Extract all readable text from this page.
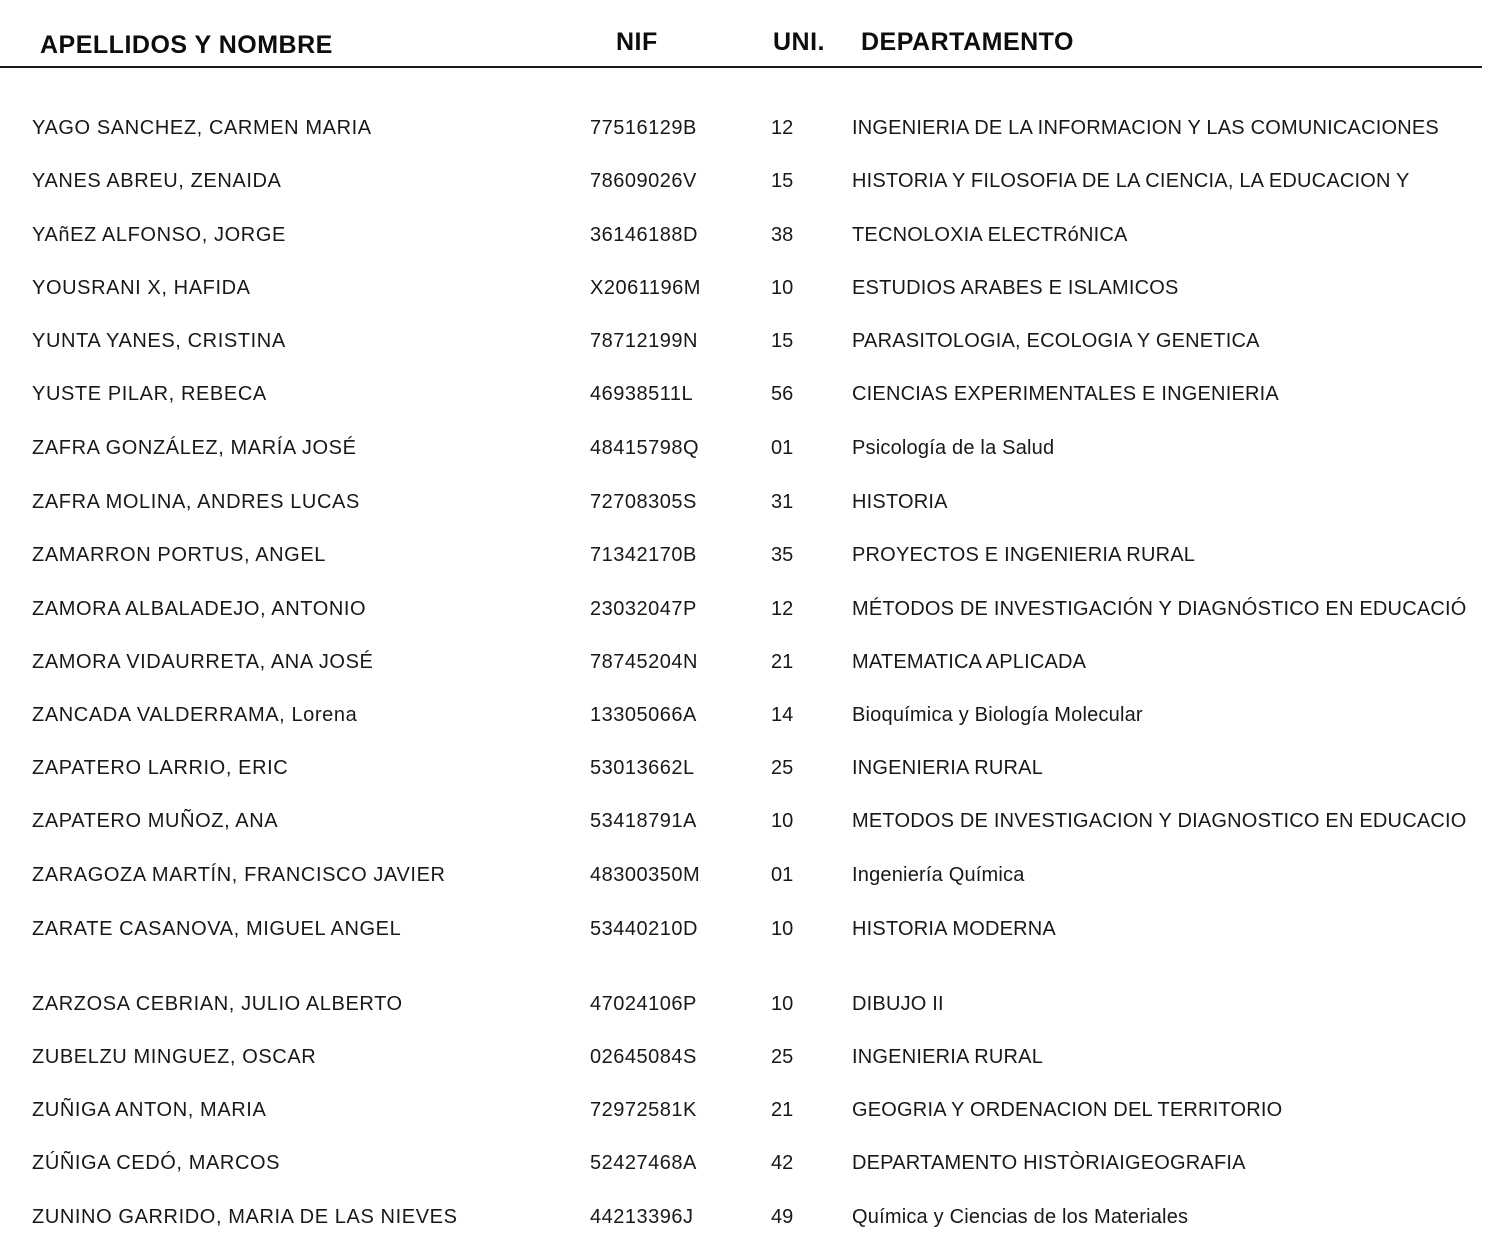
APELLIDOS Y NOMBRE	NIF	UNI. DEPARTAMENTO
YAGO SANCHEZ, CARMEN MARIA	77516129B	12	INGENIERIA DE LA INFORMACION Y LAS COMUNICACIONES
YANES ABREU, ZENAIDA	78609026V	15	HISTORIA Y FILOSOFIA DE LA CIENCIA, LA EDUCACION Y
YAñEZ ALFONSO, JORGE	36146188D	38	TECNOLOXIA ELECTRóNICA
YOUSRANI X, HAFIDA	X2061196M	10	ESTUDIOS ARABES E ISLAMICOS
YUNTA YANES, CRISTINA	78712199N	15	PARASITOLOGIA, ECOLOGIA Y GENETICA
YUSTE PILAR, REBECA	46938511L	56	CIENCIAS EXPERIMENTALES E INGENIERIA
ZAFRA GONZÁLEZ, MARÍA JOSÉ	48415798Q	01	Psicología de la Salud
ZAFRA MOLINA, ANDRES LUCAS	72708305S	31	HISTORIA
ZAMARRON PORTUS, ANGEL	71342170B	35	PROYECTOS E INGENIERIA RURAL
ZAMORA ALBALADEJO, ANTONIO	23032047P	12	MÉTODOS DE INVESTIGACIÓN Y DIAGNÓSTICO EN EDUCACIÓ
ZAMORA VIDAURRETA, ANA JOSÉ	78745204N	21	MATEMATICA APLICADA
ZANCADA VALDERRAMA, Lorena	13305066A	14	Bioquímica y Biología Molecular
ZAPATERO LARRIO, ERIC	53013662L	25	INGENIERIA RURAL
ZAPATERO MUÑOZ, ANA	53418791A	10	METODOS DE INVESTIGACION Y DIAGNOSTICO EN EDUCACIO
ZARAGOZA MARTÍN, FRANCISCO JAVIER	48300350M	01	Ingeniería Química
ZARATE CASANOVA, MIGUEL ANGEL	53440210D	10	HISTORIA MODERNA
ZARZOSA CEBRIAN, JULIO ALBERTO	47024106P	10	DIBUJO II
ZUBELZU MINGUEZ, OSCAR	02645084S	25	INGENIERIA RURAL
ZUÑIGA ANTON, MARIA	72972581K	21	GEOGRIA Y ORDENACION DEL TERRITORIO
ZÚÑIGA CEDÓ, MARCOS	52427468A	42	DEPARTAMENTO HISTÒRIAIGEOGRAFIA
ZUNINO GARRIDO, MARIA DE LAS NIEVES	44213396J	49	Química y Ciencias de los Materiales
